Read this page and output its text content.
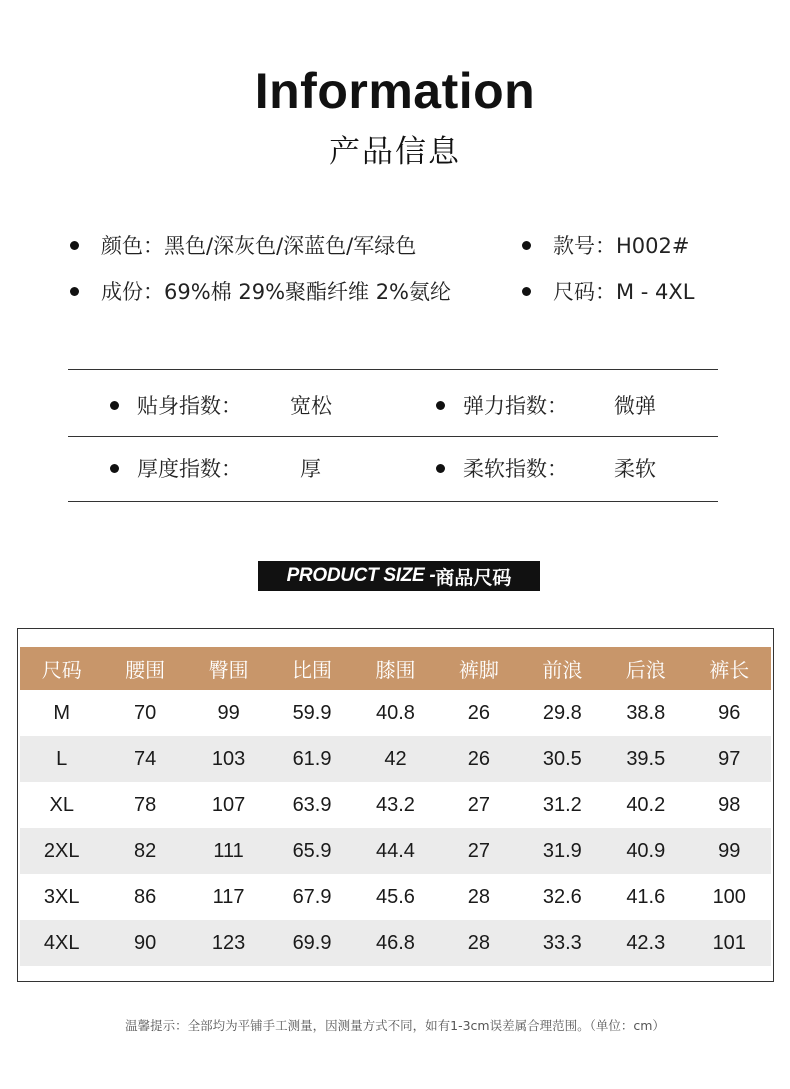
Information
产品信息
颜色：黑色/深灰色/深蓝色/军绿色	款号：H002#
成份：69%棉 29%聚酯纤维 2%氨纶	尺码：M - 4XL
贴身指数： 宽松	弹力指数： 微弹
厚度指数：	厚	柔软指数： 柔软
PRODUCT SIZE - 商品尺码
尺码	腰围	臀围	比围	膝围	裤脚	前浪	后浪	裤长
M	70	99	59.9	40.8	26	29.8	38.8	96
L	74	103	61.9	42	26	30.5	39.5	97
XL	78	107	63.9	43.2	27	31.2	40.2	98
2XL	82	111	65.9	44.4	27	31.9	40.9	99
3XL	86	117	67.9	45.6	28	32.6	41.6	100
4XL	90	123	69.9	46.8	28	33.3	42.3	101
温馨提示：全部均为平铺手工测量，因测量方式不同，如有1-3cm误差属合理范围。（单位：cm）
